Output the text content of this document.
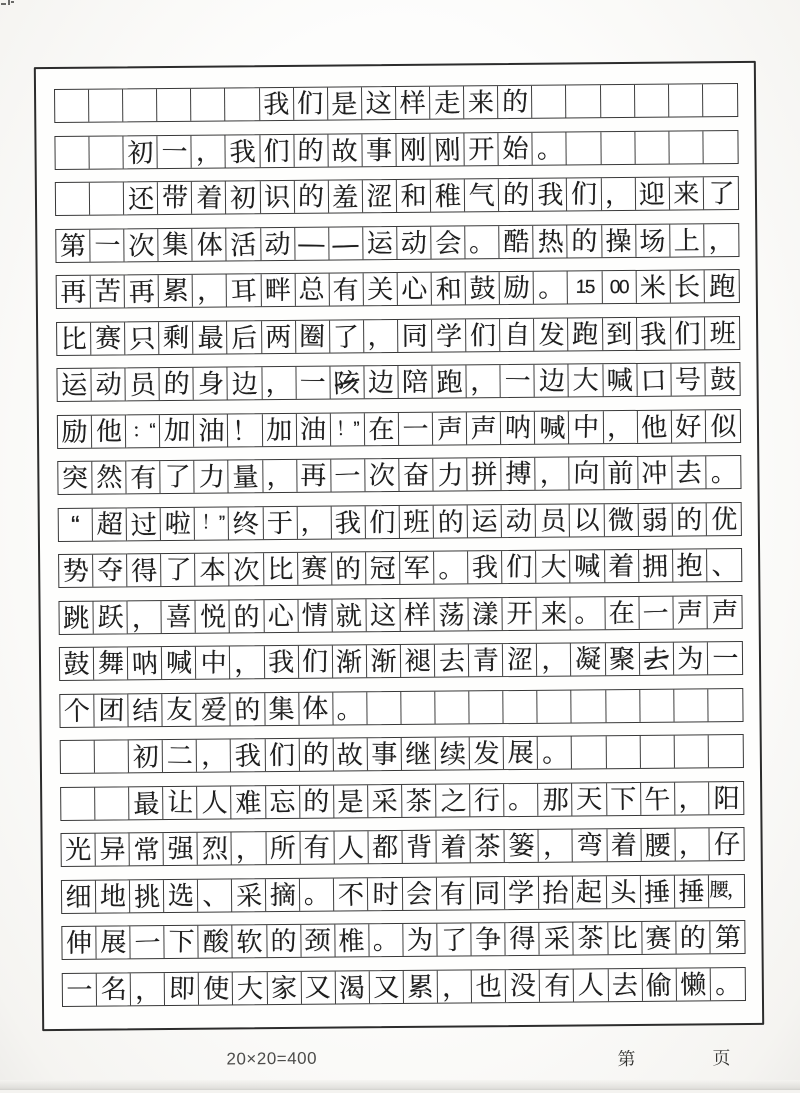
我 们 是 这 样 走 来 的
初 一 ， 我 们 的 故 事 刚 刚 开 始 。
还 带 着 初 识 的 羞 涩 和 稚 气 的 我 们 ， 迎 来 了
第 一 次 集 体 活 动 — — 运 动 会 。 酷 热 的 操 场 上 ，
再 苦 再 累 ， 耳 畔 总 有 关 心 和 鼓 励 。 15 00 米 长 跑
比 赛 只 剩 最 后 两 圈 了 ， 同 学 们 自 发 跑 到 我 们 班
运 动 员 的 身 边 ， 一 陔 边 陪 跑 ， 一 边 大 喊 口 号 鼓
励 他 ：“ 加 油 ！ 加 油 ！” 在 一 声 声 呐 喊 中 ， 他 好 似
突 然 有 了 力 量 ， 再 一 次 奋 力 拼 搏 ， 向 前 冲 去 。
“ 超 过 啦 ！” 终 于 ， 我 们 班 的 运 动 员 以 微 弱 的 优
势 夺 得 了 本 次 比 赛 的 冠 军 。 我 们 大 喊 着 拥 抱 、
跳 跃 ， 喜 悦 的 心 情 就 这 样 荡 漾 开 来 。 在 一 声 声
鼓 舞 呐 喊 中 ， 我 们 渐 渐 褪 去 青 涩 ， 凝 聚 去 为 一
个 团 结 友 爱 的 集 体 。
初 二 ， 我 们 的 故 事 继 续 发 展 。
最 让 人 难 忘 的 是 采 茶 之 行 。 那 天 下 午 ， 阳
光 异 常 强 烈 ， 所 有 人 都 背 着 茶 篓 ， 弯 着 腰 ， 仔
细 地 挑 选 、 采 摘 。 不 时 会 有 同 学 抬 起 头 捶 捶 腰，
伸 展 一 下 酸 软 的 颈 椎 。 为 了 争 得 采 茶 比 赛 的 第
一 名 ， 即 使 大 家 又 渴 又 累 ， 也 没 有 人 去 偷 懒 。
20×20=400	第	页
